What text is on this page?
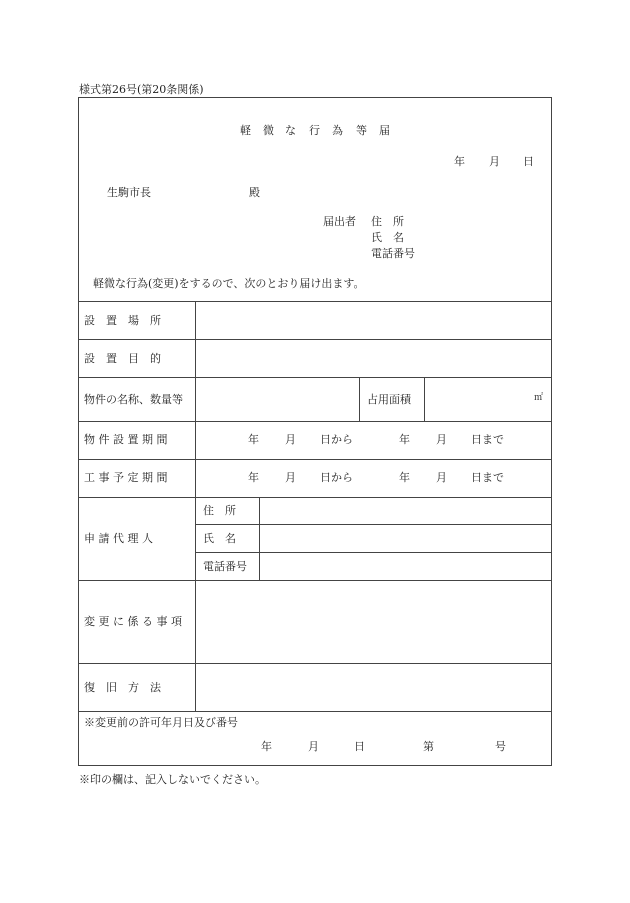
様式第26号(第20条関係)
軽 微 な 行 為 等 届
年 月 日
生駒市長	殿
届出者 住　所
氏　名
電話番号
軽微な行為(変更)をするので、次のとおり届け出ます。
設　置　場　所
設　置　目　的
物件の名称、数量等	占用面積	㎡
物 件 設 置 期 間	年 月 日から	年 月 日まで
工 事 予 定 期 間	年 月 日から	年 月 日まで
申 請 代 理 人
住　所
氏　名
電話番号
変 更 に 係 る 事 項
復　旧　方　法
※変更前の許可年月日及び番号
年	月	日	第	号
※印の欄は、記入しないでください。
